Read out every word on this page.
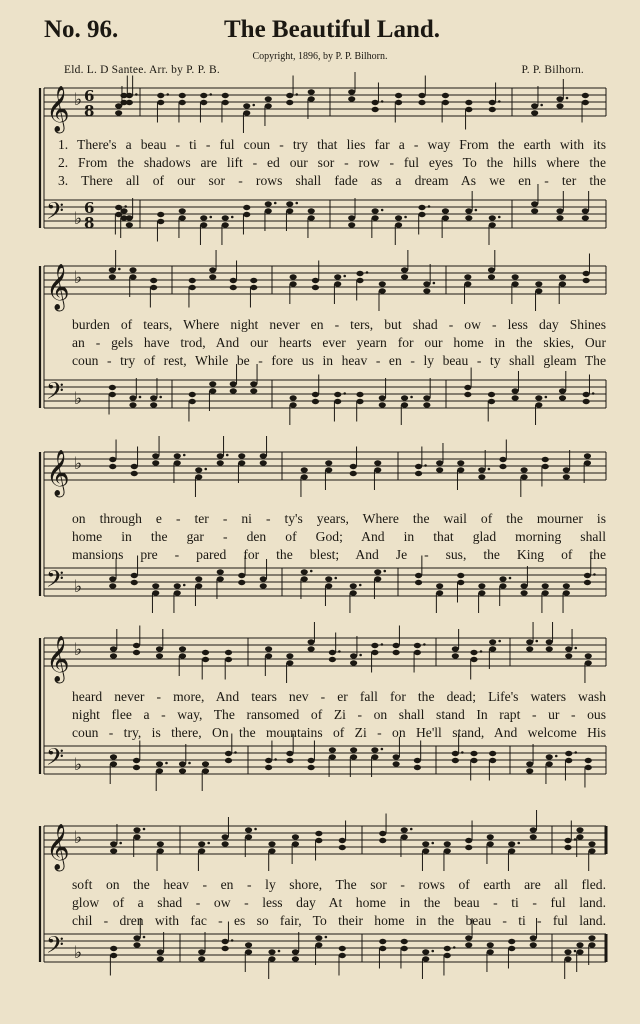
No. 96.	The Beautiful Land.
Copyright, 1896, by P. P. Bilhorn.
Eld. L. D Santee. Arr. by P. P. B.	P. P. Bilhorn.
𝄞 ♭ 6
8
𝄢 ♭
6
8
𝄞 ♭
𝄢 ♭
𝄞 ♭
𝄢 ♭
𝄞 ♭
𝄢 ♭
𝄞 ♭
𝄢 ♭
1. There's a beau - ti - ful coun - try that lies far a - way From the earth with its
2. From the shadows are lift - ed our sor - row - ful eyes To the hills where the
3. There all of our sor - rows shall fade as a dream As we en - ter the
burden of tears, Where night never en - ters, but shad - ow - less day Shines
an - gels have trod, And our hearts ever yearn for our home in the skies, Our
coun - try of rest, While be - fore us in heav - en - ly beau - ty shall gleam The
on through e - ter - ni - ty's years, Where the wail of the mourner is
home in the gar - den of God; And in that glad morning shall
mansions pre - pared for the blest; And Je - sus, the King of the
heard never - more, And tears nev - er fall for the dead; Life's waters wash
night flee a - way, The ransomed of Zi - on shall stand In rapt - ur - ous
coun - try, is there, On the mountains of Zi - on He'll stand, And welcome His
soft on the heav - en - ly shore, The sor - rows of earth are all fled.
glow of a shad - ow - less day At home in the beau - ti - ful land.
chil - dren with fac - es so fair, To their home in the beau - ti - ful land.
